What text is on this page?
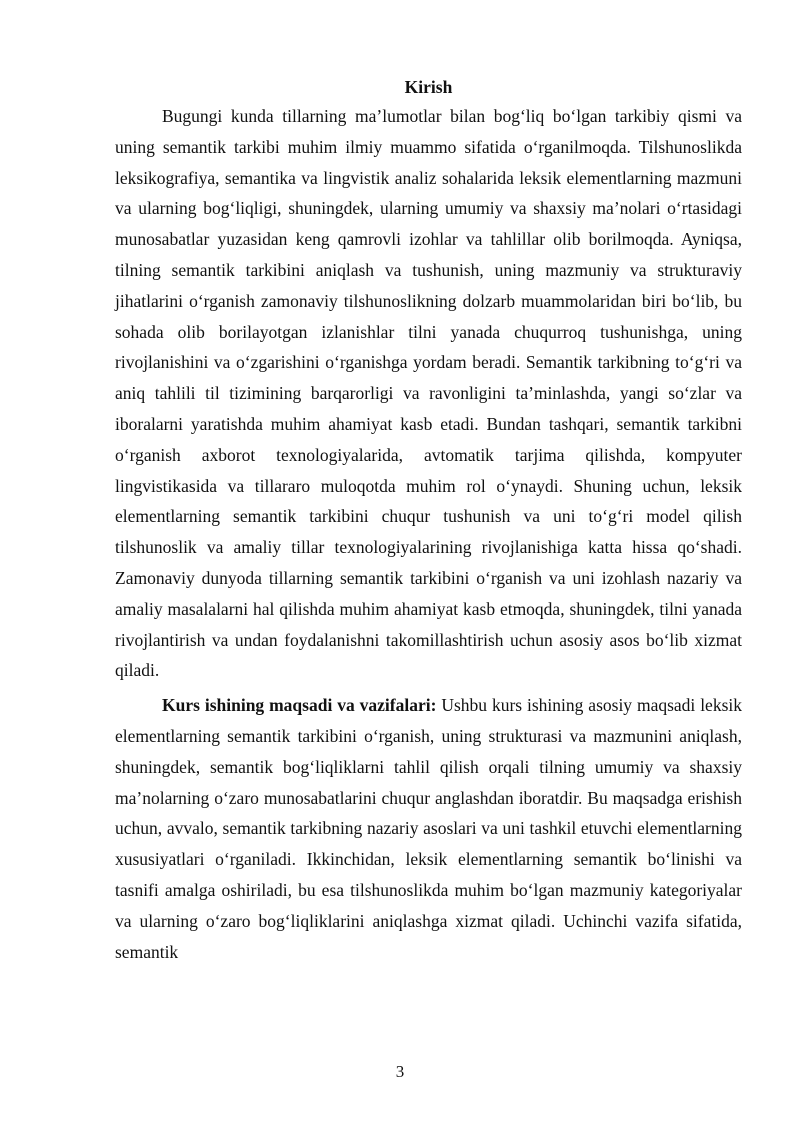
Kirish

Bugungi kunda tillarning ma’lumotlar bilan bog‘liq bo‘lgan tarkibiy qismi va uning semantik tarkibi muhim ilmiy muammo sifatida o‘rganilmoqda. Tilshunoslikda leksikografiya, semantika va lingvistik analiz sohalarida leksik elementlarning mazmuni va ularning bog‘liqligi, shuningdek, ularning umumiy va shaxsiy ma’nolari o‘rtasidagi munosabatlar yuzasidan keng qamrovli izohlar va tahlillar olib borilmoqda. Ayniqsa, tilning semantik tarkibini aniqlash va tushunish, uning mazmuniy va strukturaviy jihatlarini o‘rganish zamonaviy tilshunoslikning dolzarb muammolaridan biri bo‘lib, bu sohada olib borilayotgan izlanishlar tilni yanada chuqurroq tushunishga, uning rivojlanishini va o‘zgarishini o‘rganishga yordam beradi. Semantik tarkibning to‘g‘ri va aniq tahlili til tizimining barqarorligi va ravonligini ta’minlashda, yangi so‘zlar va iboralarni yaratishda muhim ahamiyat kasb etadi. Bundan tashqari, semantik tarkibni o‘rganish axborot texnologiyalarida, avtomatik tarjima qilishda, kompyuter lingvistikasida va tillararo muloqotda muhim rol o‘ynaydi. Shuning uchun, leksik elementlarning semantik tarkibini chuqur tushunish va uni to‘g‘ri model qilish tilshunoslik va amaliy tillar texnologiyalarining rivojlanishiga katta hissa qo‘shadi. Zamonaviy dunyoda tillarning semantik tarkibini o‘rganish va uni izohlash nazariy va amaliy masalalarni hal qilishda muhim ahamiyat kasb etmoqda, shuningdek, tilni yanada rivojlantirish va undan foydalanishni takomillashtirish uchun asosiy asos bo‘lib xizmat qiladi.

Kurs ishining maqsadi va vazifalari: Ushbu kurs ishining asosiy maqsadi leksik elementlarning semantik tarkibini o‘rganish, uning strukturasi va mazmunini aniqlash, shuningdek, semantik bog‘liqliklarni tahlil qilish orqali tilning umumiy va shaxsiy ma’nolarning o‘zaro munosabatlarini chuqur anglashdan iboratdir. Bu maqsadga erishish uchun, avvalo, semantik tarkibning nazariy asoslari va uni tashkil etuvchi elementlarning xususiyatlari o‘rganiladi. Ikkinchidan, leksik elementlarning semantik bo‘linishi va tasnifi amalga oshiriladi, bu esa tilshunoslikda muhim bo‘lgan mazmuniy kategoriyalar va ularning o‘zaro bog‘liqliklarini aniqlashga xizmat qiladi. Uchinchi vazifa sifatida, semantik

3
